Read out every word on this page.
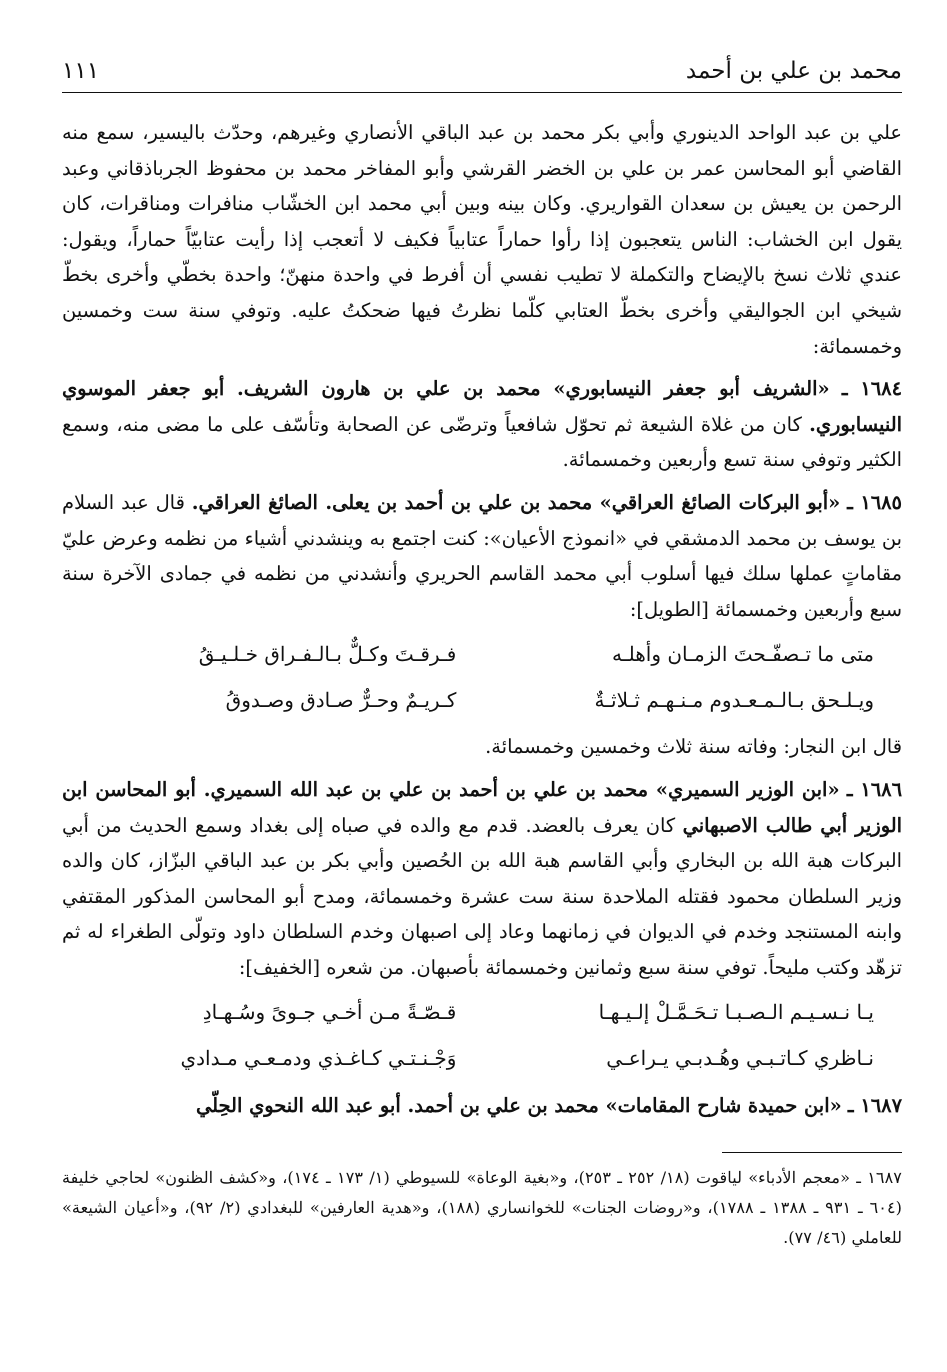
محمد بن علي بن أحمد
١١١

علي بن عبد الواحد الدينوري وأبي بكر محمد بن عبد الباقي الأنصاري وغيرهم، وحدّث باليسير، سمع منه القاضي أبو المحاسن عمر بن علي بن الخضر القرشي وأبو المفاخر محمد بن محفوظ الجرباذقاني وعبد الرحمن بن يعيش بن سعدان القواريري. وكان بينه وبين أبي محمد ابن الخشّاب منافرات ومناقرات، كان يقول ابن الخشاب: الناس يتعجبون إذا رأوا حماراً عتابياً فكيف لا أتعجب إذا رأيت عتابيّاً حماراً، ويقول: عندي ثلاث نسخ بالإيضاح والتكملة لا تطيب نفسي أن أفرط في واحدة منهنّ؛ واحدة بخطّي وأخرى بخطّ شيخي ابن الجواليقي وأخرى بخطّ العتابي كلّما نظرتُ فيها ضحكتُ عليه. وتوفي سنة ست وخمسين وخمسمائة:

١٦٨٤ ـ «الشريف أبو جعفر النيسابوري» محمد بن علي بن هارون الشريف. أبو جعفر الموسوي النيسابوري. كان من غلاة الشيعة ثم تحوّل شافعياً وترضّى عن الصحابة وتأسّف على ما مضى منه، وسمع الكثير وتوفي سنة تسع وأربعين وخمسمائة.

١٦٨٥ ـ «أبو البركات الصائغ العراقي» محمد بن علي بن أحمد بن يعلى. الصائغ العراقي. قال عبد السلام بن يوسف بن محمد الدمشقي في «انموذج الأعيان»: كنت اجتمع به وينشدني أشياء من نظمه وعرض عليّ مقاماتٍ عملها سلك فيها أسلوب أبي محمد القاسم الحريري وأنشدني من نظمه في جمادى الآخرة سنة سبع وأربعين وخمسمائة [الطويل]:

متى ما تـصفّـحتَ الزمـان وأهلـه
فـرقـتَ وكـلٌّ بـالـفـراق خـلـيـقُ
ويـلـحق بـالـمـعـدوم مـنـهـم ثـلاثـةٌ
كـريـمٌ وحـرٌّ صـادق وصـدوقُ

قال ابن النجار: وفاته سنة ثلاث وخمسين وخمسمائة.

١٦٨٦ ـ «ابن الوزير السميري» محمد بن علي بن أحمد بن علي بن عبد الله السميري. أبو المحاسن ابن الوزير أبي طالب الاصبهاني كان يعرف بالعضد. قدم مع والده في صباه إلى بغداد وسمع الحديث من أبي البركات هبة الله بن البخاري وأبي القاسم هبة الله بن الحُصين وأبي بكر بن عبد الباقي البزّاز، كان والده وزير السلطان محمود فقتله الملاحدة سنة ست عشرة وخمسمائة، ومدح أبو المحاسن المذكور المقتفي وابنه المستنجد وخدم في الديوان في زمانهما وعاد إلى اصبهان وخدم السلطان داود وتولّى الطغراء له ثم تزهّد وكتب مليحاً. توفي سنة سبع وثمانين وخمسمائة بأصبهان. من شعره [الخفيف]:

يـا نـسـيـم الـصـبـا تـحَـمَّـلْ إلـيـهـا
قـصّـةً مـن أخـي جـوىً وسُـهـادِ
نـاظري كـاتـبـي وهُـدبـي يـراعـي
وَجْـنـتـي كـاغـذي ودمـعـي مـدادي

١٦٨٧ ـ «ابن حميدة شارح المقامات» محمد بن علي بن أحمد. أبو عبد الله النحوي الحِلّي

١٦٨٧ ـ «معجم الأدباء» لياقوت (١٨/ ٢٥٢ ـ ٢٥٣)، و«بغية الوعاة» للسيوطي (١/ ١٧٣ ـ ١٧٤)، و«كشف الظنون» لحاجي خليفة (٦٠٤ ـ ٩٣١ ـ ١٣٨٨ ـ ١٧٨٨)، و«روضات الجنات» للخوانساري (١٨٨)، و«هدية العارفين» للبغدادي (٢/ ٩٢)، و«أعيان الشيعة» للعاملي (٤٦/ ٧٧).
